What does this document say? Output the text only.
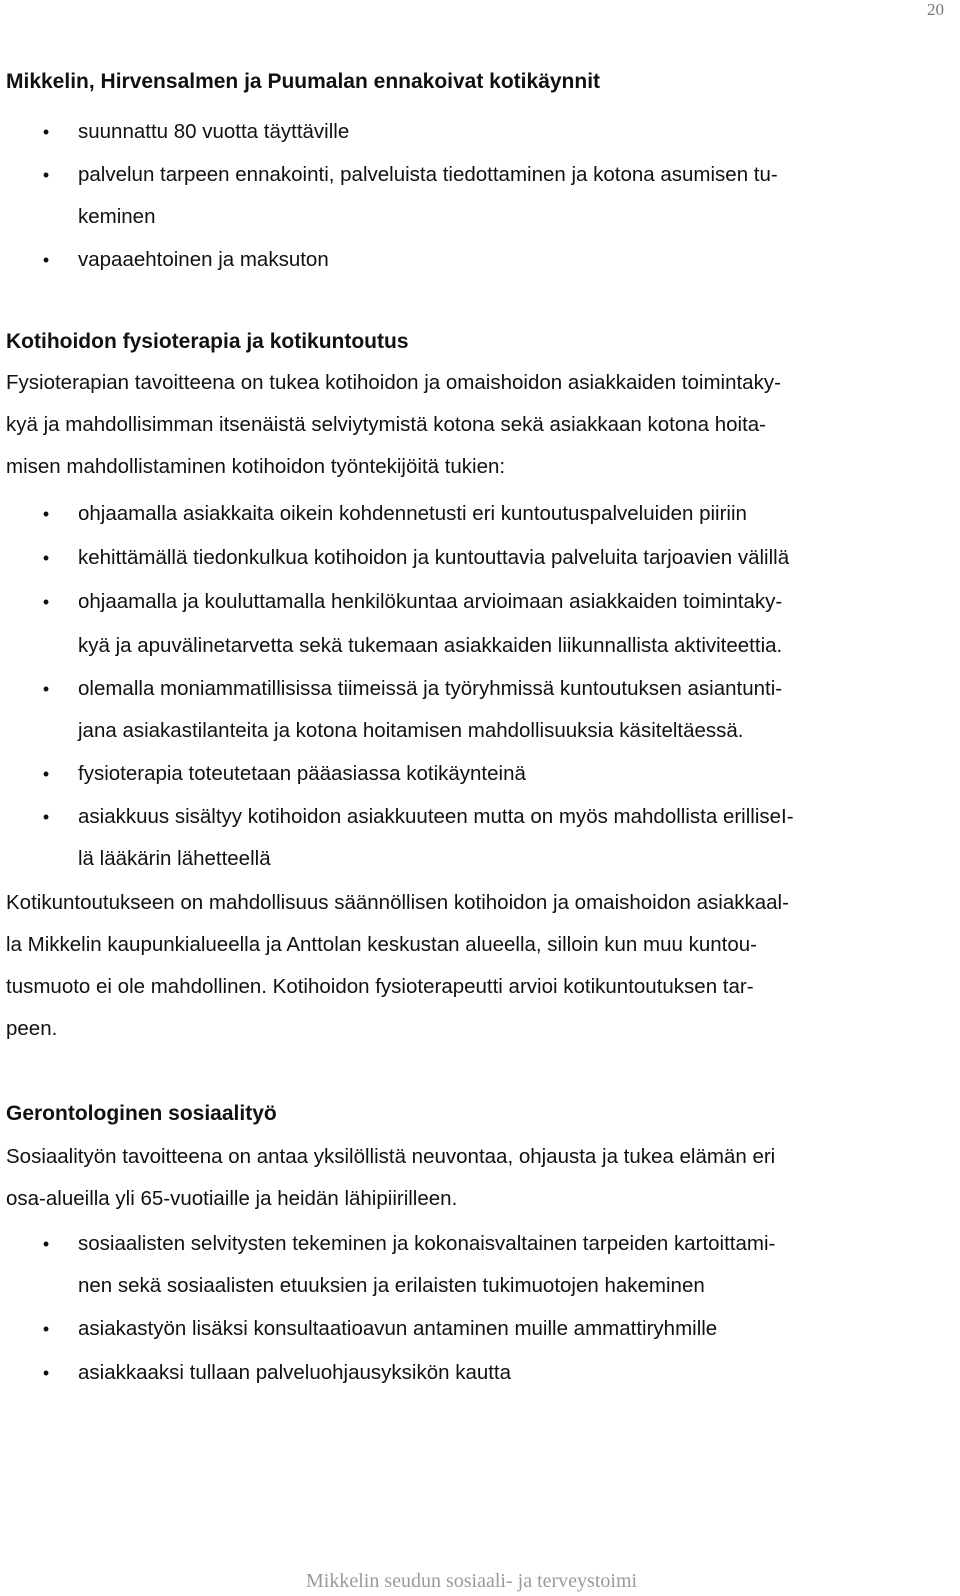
20
Mikkelin, Hirvensalmen ja Puumalan ennakoivat kotikäynnit
• suunnattu 80 vuotta täyttäville
• palvelun tarpeen ennakointi, palveluista tiedottaminen ja kotona asumisen tu-
keminen
• vapaaehtoinen ja maksuton
Kotihoidon fysioterapia ja kotikuntoutus
Fysioterapian tavoitteena on tukea kotihoidon ja omaishoidon asiakkaiden toimintaky-
kyä ja mahdollisimman itsenäistä selviytymistä kotona sekä asiakkaan kotona hoita-
misen mahdollistaminen kotihoidon työntekijöitä tukien:
• ohjaamalla asiakkaita oikein kohdennetusti eri kuntoutuspalveluiden piiriin
• kehittämällä tiedonkulkua kotihoidon ja kuntouttavia palveluita tarjoavien välillä
• ohjaamalla ja kouluttamalla henkilökuntaa arvioimaan asiakkaiden toimintaky-
kyä ja apuvälinetarvetta sekä tukemaan asiakkaiden liikunnallista aktiviteettia.
• olemalla moniammatillisissa tiimeissä ja työryhmissä kuntoutuksen asiantunti-
jana asiakastilanteita ja kotona hoitamisen mahdollisuuksia käsiteltäessä.
• fysioterapia toteutetaan pääasiassa kotikäynteinä
• asiakkuus sisältyy kotihoidon asiakkuuteen mutta on myös mahdollista erilliseI-
lä lääkärin lähetteellä
Kotikuntoutukseen on mahdollisuus säännöllisen kotihoidon ja omaishoidon asiakkaal-
la Mikkelin kaupunkialueella ja Anttolan keskustan alueella, silloin kun muu kuntou-
tusmuoto ei ole mahdollinen. Kotihoidon fysioterapeutti arvioi kotikuntoutuksen tar-
peen.
Gerontologinen sosiaalityö
Sosiaalityön tavoitteena on antaa yksilöllistä neuvontaa, ohjausta ja tukea elämän eri
osa-alueilla yli 65-vuotiaille ja heidän lähipiirilleen.
• sosiaalisten selvitysten tekeminen ja kokonaisvaltainen tarpeiden kartoittami-
nen sekä sosiaalisten etuuksien ja erilaisten tukimuotojen hakeminen
• asiakastyön lisäksi konsultaatioavun antaminen muille ammattiryhmille
• asiakkaaksi tullaan palveluohjausyksikön kautta
Mikkelin seudun sosiaali- ja terveystoimi
